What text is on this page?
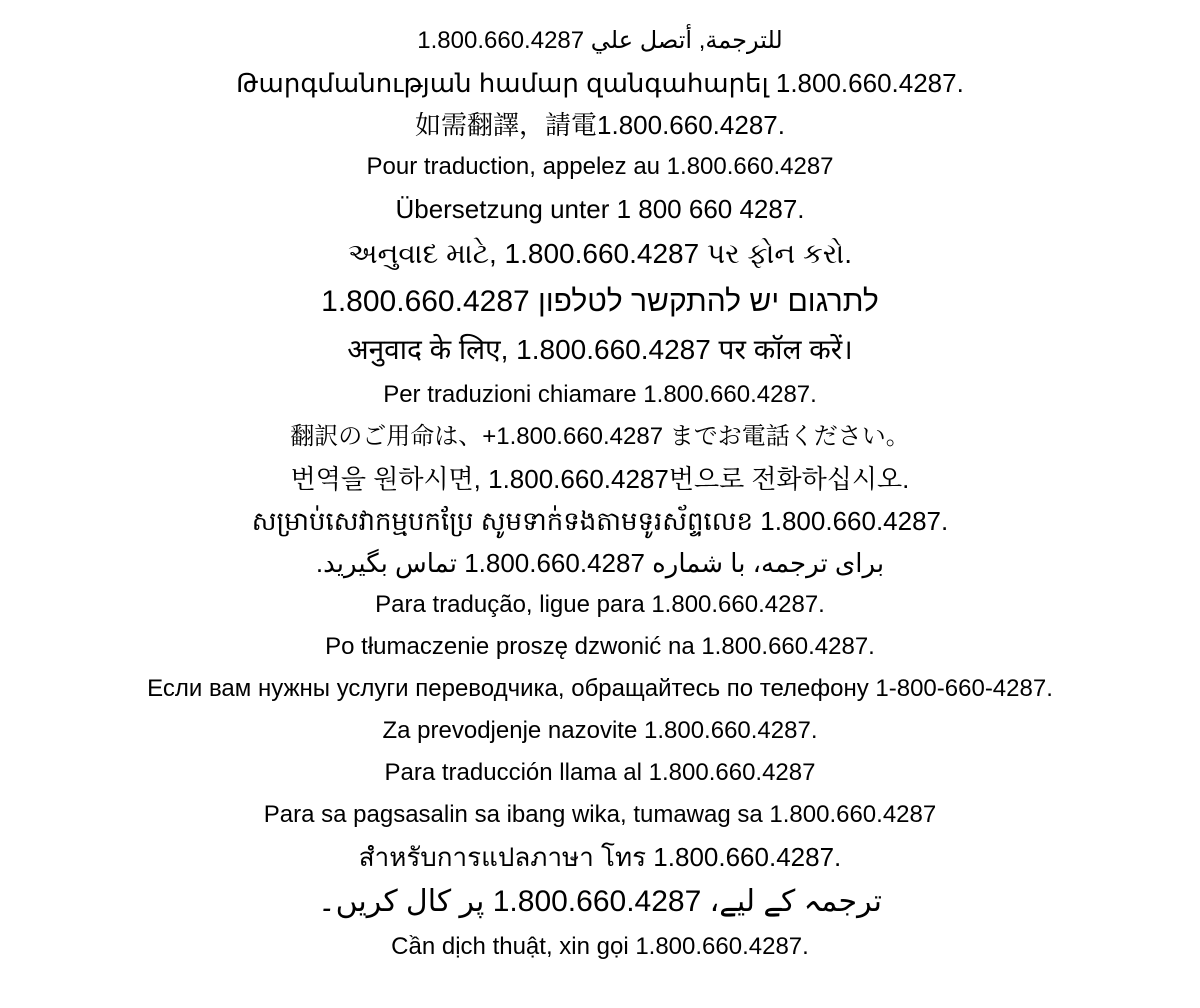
للترجمة, أتصل علي 1.800.660.4287
Թարգմանության համար զանգահարել 1.800.660.4287.
如需翻譯，請電1.800.660.4287.
Pour traduction, appelez au 1.800.660.4287
Übersetzung unter 1 800 660 4287.
અનુવાદ માટે, 1.800.660.4287 પર ફોન કરો.
לתרגום יש להתקשר לטלפון 1.800.660.4287
अनुवाद के लिए, 1.800.660.4287 पर कॉल करें।
Per traduzioni chiamare 1.800.660.4287.
翻訳のご用命は、+1.800.660.4287 までお電話ください。
번역을 원하시면, 1.800.660.4287번으로 전화하십시오.
សម្រាប់សេវាកម្មបកប្រែ សូមទាក់ទងតាមទូរស័ព្ទលេខ 1.800.660.4287.
برای ترجمه، با شماره 1.800.660.4287 تماس بگیرید.
Para tradução, ligue para 1.800.660.4287.
Po tłumaczenie proszę dzwonić na 1.800.660.4287.
Если вам нужны услуги переводчика, обращайтесь по телефону 1-800-660-4287.
Za prevodjenje nazovite 1.800.660.4287.
Para traducción llama al 1.800.660.4287
Para sa pagsasalin sa ibang wika, tumawag sa 1.800.660.4287
สำหรับการแปลภาษา โทร 1.800.660.4287.
ترجمہ کے لیے، 1.800.660.4287 پر کال کریں۔
Cần dịch thuật, xin gọi 1.800.660.4287.
